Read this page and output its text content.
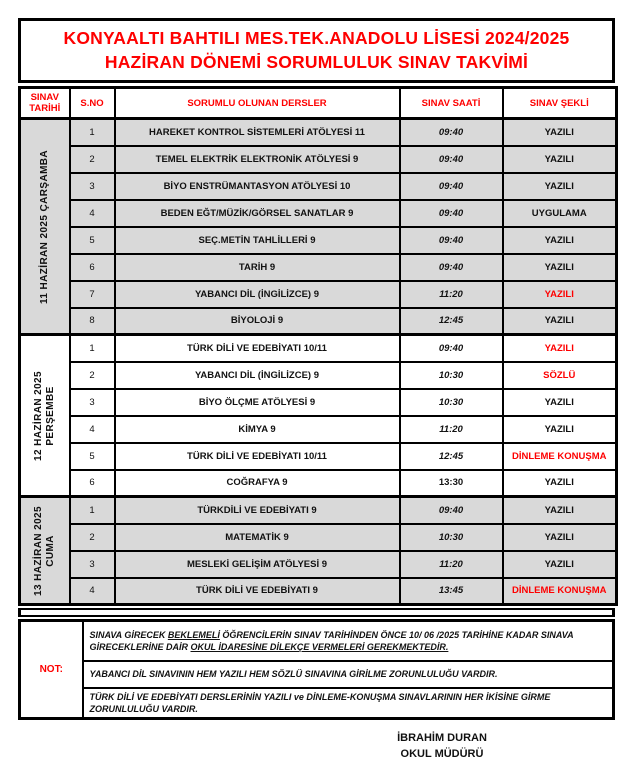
KONYAALTI BAHTILI MES.TEK.ANADOLU LİSESİ 2024/2025
HAZİRAN DÖNEMİ SORUMLULUK SINAV TAKVİMİ
SINAV TARİHİ	S.NO	SORUMLU OLUNAN DERSLER	SINAV SAATİ	SINAV ŞEKLİ

11 HAZİRAN 2025 ÇARŞAMBA	1	HAREKET KONTROL SİSTEMLERİ ATÖLYESİ 11	09:40	YAZILI
	2	TEMEL ELEKTRİK ELEKTRONİK ATÖLYESİ 9	09:40	YAZILI
	3	BİYO ENSTRÜMANTASYON ATÖLYESİ 10	09:40	YAZILI
	4	BEDEN EĞT/MÜZİK/GÖRSEL SANATLAR 9	09:40	UYGULAMA
	5	SEÇ.METİN TAHLİLLERİ 9	09:40	YAZILI
	6	TARİH 9	09:40	YAZILI
	7	YABANCI DİL (İNGİLİZCE) 9	11:20	YAZILI
	8	BİYOLOJİ 9	12:45	YAZILI

12 HAZİRAN 2025 PERŞEMBE	1	TÜRK DİLİ VE EDEBİYATI 10/11	09:40	YAZILI
	2	YABANCI DİL (İNGİLİZCE) 9	10:30	SÖZLÜ
	3	BİYO ÖLÇME ATÖLYESİ 9	10:30	YAZILI
	4	KİMYA 9	11:20	YAZILI
	5	TÜRK DİLİ VE EDEBİYATI 10/11	12:45	DİNLEME KONUŞMA
	6	COĞRAFYA 9	13:30	YAZILI

13 HAZİRAN 2025 CUMA	1	TÜRKDİLİ VE EDEBİYATI 9	09:40	YAZILI
	2	MATEMATİK 9	10:30	YAZILI
	3	MESLEKİ GELİŞİM ATÖLYESİ 9	11:20	YAZILI
	4	TÜRK DİLİ VE EDEBİYATI 9	13:45	DİNLEME KONUŞMA
NOT:	SINAVA GİRECEK BEKLEMELİ ÖĞRENCİLERİN SINAV TARİHİNDEN ÖNCE 10/ 06 /2025 TARİHİNE KADAR SINAVA GİRECEKLERİNE DAİR OKUL İDARESİNE DİLEKÇE VERMELERİ GEREKMEKTEDİR.
YABANCI DİL SINAVININ HEM YAZILI HEM SÖZLÜ SINAVINA GİRİLME ZORUNLULUĞU VARDIR.
TÜRK DİLİ VE EDEBİYATI DERSLERİNİN YAZILI ve DİNLEME-KONUŞMA SINAVLARININ HER İKİSİNE GİRME ZORUNLULUĞU VARDIR.
İBRAHİM DURAN
OKUL MÜDÜRÜ
